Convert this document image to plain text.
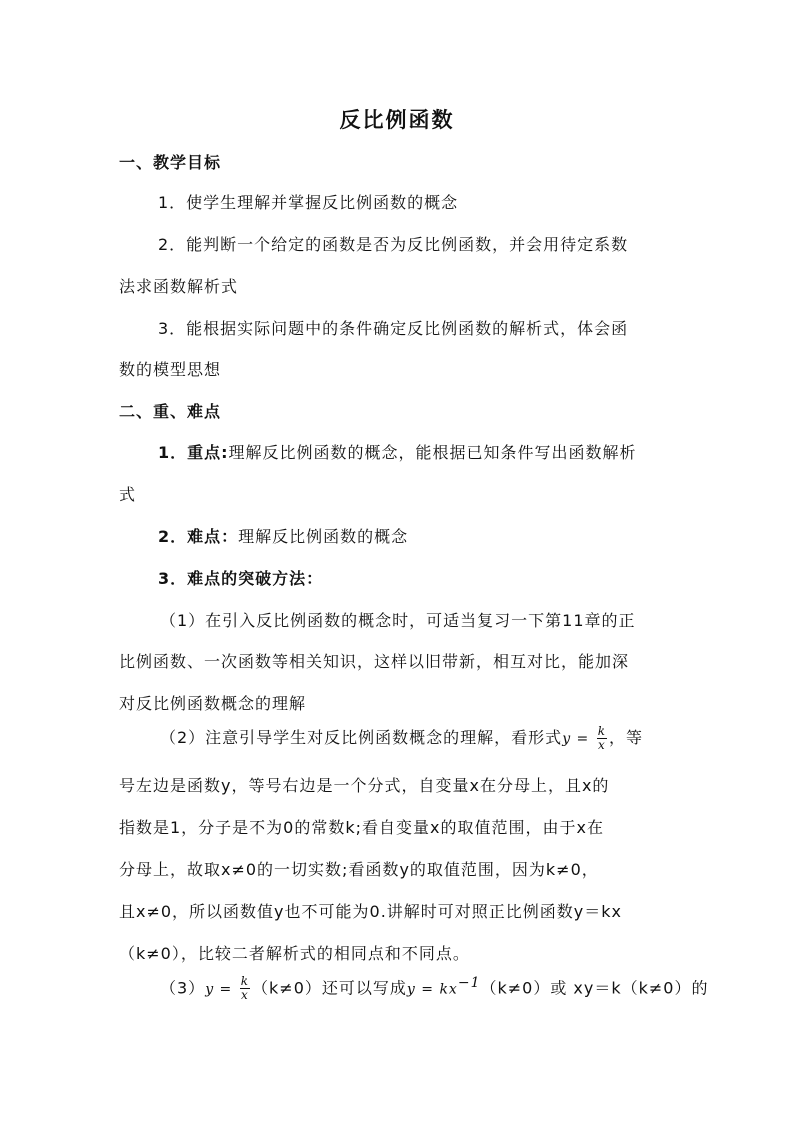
反比例函数
一、教学目标
1．使学生理解并掌握反比例函数的概念
2．能判断一个给定的函数是否为反比例函数，并会用待定系数
法求函数解析式
3．能根据实际问题中的条件确定反比例函数的解析式，体会函
数的模型思想
二、重、难点
1．重点:理解反比例函数的概念，能根据已知条件写出函数解析
式
2．难点：理解反比例函数的概念
3．难点的突破方法：
（1）在引入反比例函数的概念时，可适当复习一下第11章的正
比例函数、一次函数等相关知识，这样以旧带新，相互对比，能加深
对反比例函数概念的理解
（2）注意引导学生对反比例函数概念的理解，看形式$y = \frac{k}{x}$ ，等
号左边是函数y，等号右边是一个分式，自变量x在分母上，且x的
指数是1，分子是不为0的常数k;看自变量x的取值范围，由于x在
分母上，故取x≠0的一切实数;看函数y的取值范围，因为k≠0，
且x≠0，所以函数值y也不可能为0.讲解时可对照正比例函数y＝kx
（k≠0），比较二者解析式的相同点和不同点。
$(3)y = \frac{k}{x} (k\ne 0)$还可以写成$y = kx^{-1}(k\ne 0)$或 xy＝k（k≠0）的
